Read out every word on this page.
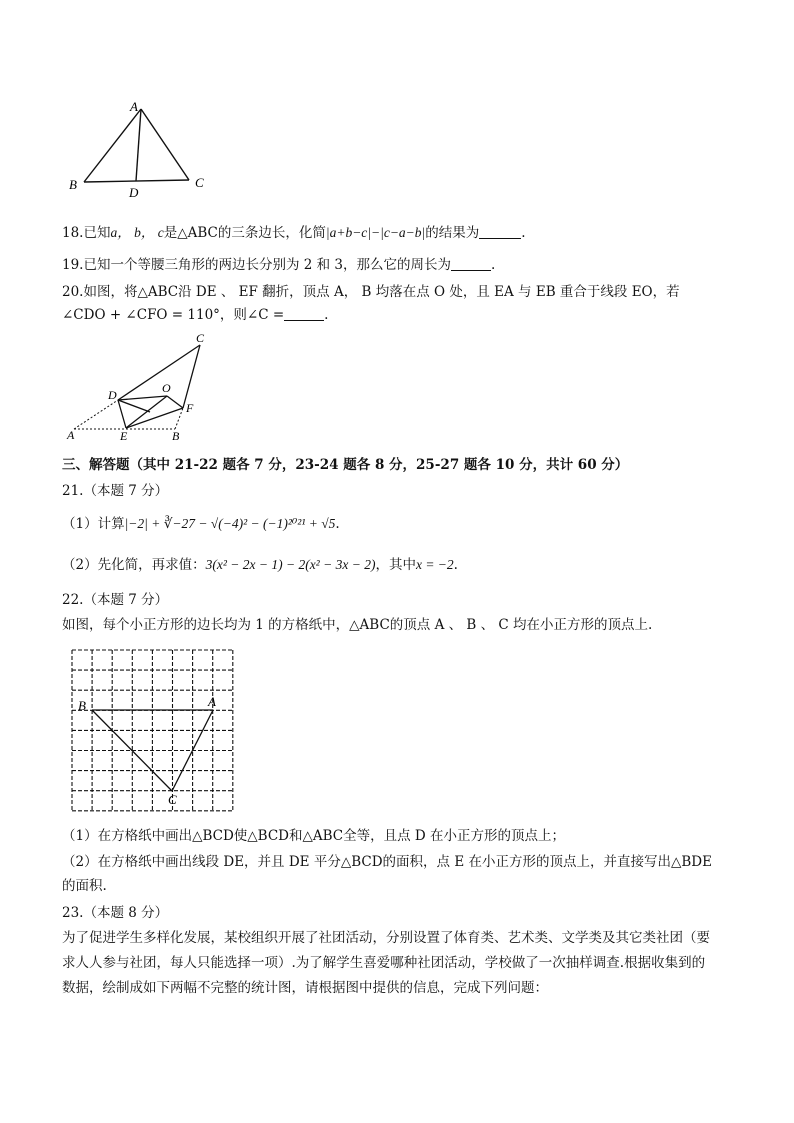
A
B	C
D
18.已知a， b， c是△ABC的三条边长，化简|a+b−c|−|c−a−b|的结果为	.
19.已知一个等腰三角形的两边长分别为 2 和 3，那么它的周长为	.
20.如图，将△ABC沿 DE 、 EF 翻折，顶点 A， B 均落在点 O 处，且 EA 与 EB 重合于线段 EO，若
∠CDO + ∠CFO = 110°，则∠C =	.
C
D	O
F
A	E	B
三、解答题（其中 21-22 题各 7 分，23-24 题各 8 分，25-27 题各 10 分，共计 60 分）
21.（本题 7 分）
（1）计算|−2| + ∛−27 − √(−4)² − (−1)²⁰²¹ + √5.
（2）先化简，再求值：3(x² − 2x − 1) − 2(x² − 3x − 2)，其中x = −2.
22.（本题 7 分）
如图，每个小正方形的边长均为 1 的方格纸中，△ABC的顶点 A 、 B 、 C 均在小正方形的顶点上.
B	A
C
（1）在方格纸中画出△BCD使△BCD和△ABC全等，且点 D 在小正方形的顶点上；
（2）在方格纸中画出线段 DE，并且 DE 平分△BCD的面积，点 E 在小正方形的顶点上，并直接写出△BDE
的面积.
23.（本题 8 分）
为了促进学生多样化发展，某校组织开展了社团活动，分别设置了体育类、艺术类、文学类及其它类社团（要
求人人参与社团，每人只能选择一项）.为了解学生喜爱哪种社团活动，学校做了一次抽样调查.根据收集到的
数据，绘制成如下两幅不完整的统计图，请根据图中提供的信息，完成下列问题：
